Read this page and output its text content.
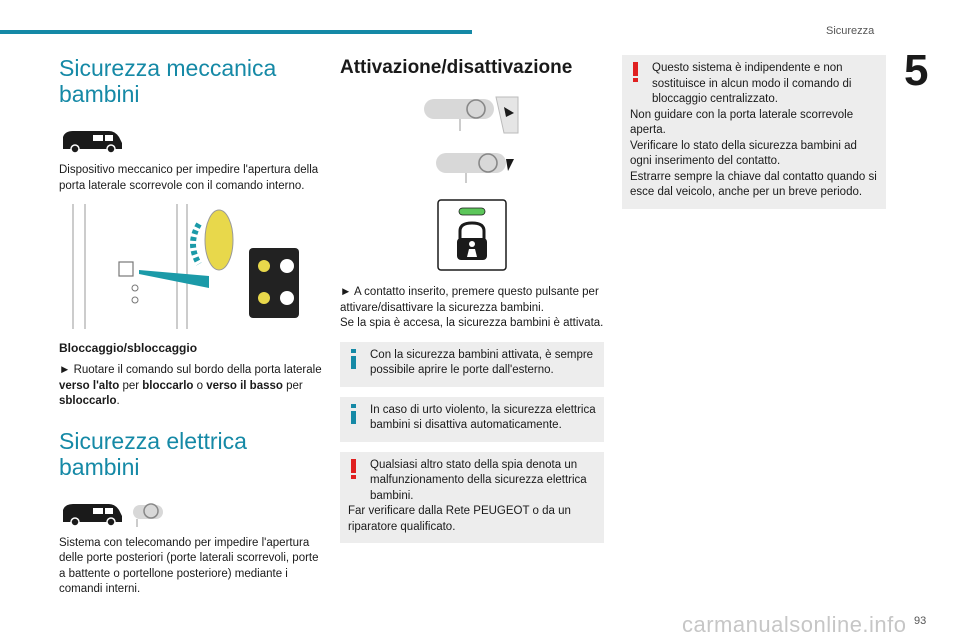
Sicurezza
5
Sicurezza meccanica bambini

Dispositivo meccanico per impedire l'apertura della porta laterale scorrevole con il comando interno.

Bloccaggio/sbloccaggio

► Ruotare il comando sul bordo della porta laterale verso l'alto per bloccarlo o verso il basso per sbloccarlo.

Sicurezza elettrica bambini

Sistema con telecomando per impedire l'apertura delle porte posteriori (porte laterali scorrevoli, porte a battente o portellone posteriore) mediante i comandi interni.

Attivazione/disattivazione

► A contatto inserito, premere questo pulsante per attivare/disattivare la sicurezza bambini.

Se la spia è accesa, la sicurezza bambini è attivata.

Con la sicurezza bambini attivata, è sempre possibile aprire le porte dall'esterno.
In caso di urto violento, la sicurezza elettrica bambini si disattiva automaticamente.
Qualsiasi altro stato della spia denota un malfunzionamento della sicurezza elettrica bambini.
Far verificare dalla Rete PEUGEOT o da un riparatore qualificato.
Questo sistema è indipendente e non sostituisce in alcun modo il comando di bloccaggio centralizzato.
Non guidare con la porta laterale scorrevole aperta.
Verificare lo stato della sicurezza bambini ad ogni inserimento del contatto.
Estrarre sempre la chiave dal contatto quando si esce dal veicolo, anche per un breve periodo.
carmanualsonline.info 93
